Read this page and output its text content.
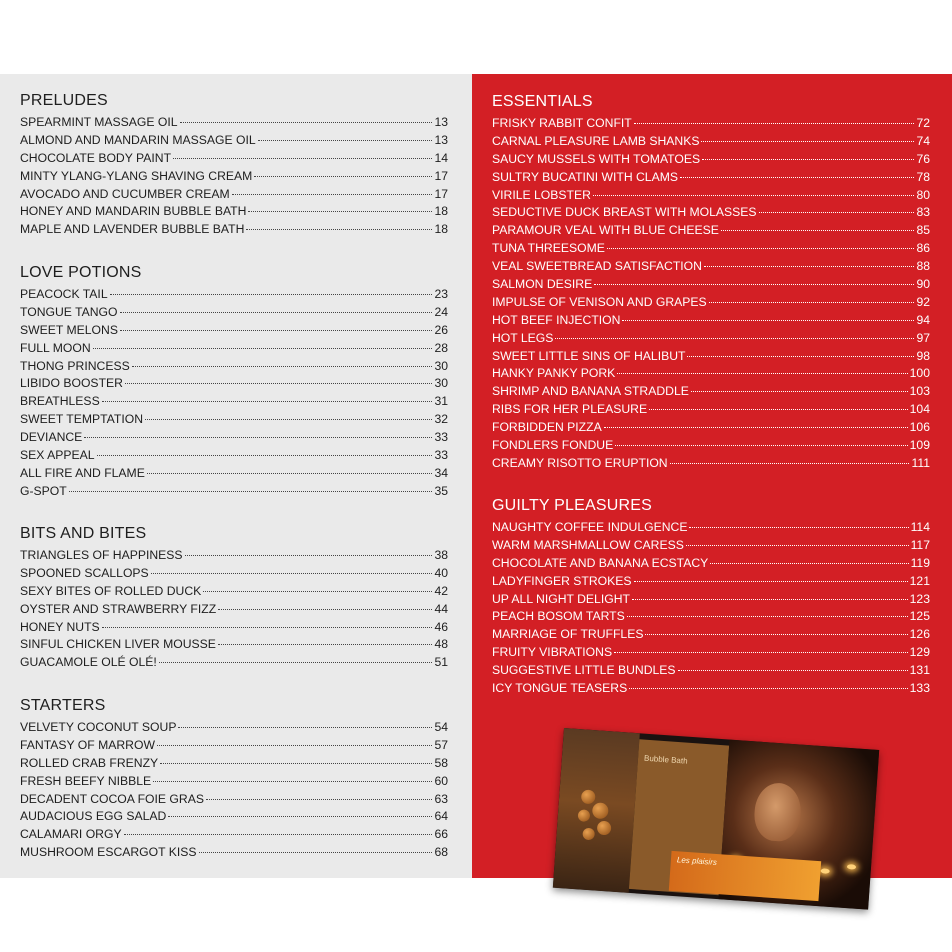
PRELUDES
SPEARMINT MASSAGE OIL	13
ALMOND AND MANDARIN MASSAGE OIL	13
CHOCOLATE BODY PAINT	14
MINTY YLANG-YLANG SHAVING CREAM	17
AVOCADO AND CUCUMBER CREAM	17
HONEY AND MANDARIN BUBBLE BATH	18
MAPLE AND LAVENDER BUBBLE BATH	18
LOVE POTIONS
PEACOCK TAIL	23
TONGUE TANGO	24
SWEET MELONS	26
FULL MOON	28
THONG PRINCESS	30
LIBIDO BOOSTER	30
BREATHLESS	31
SWEET TEMPTATION	32
DEVIANCE	33
SEX APPEAL	33
ALL FIRE AND FLAME	34
G-SPOT	35
BITS AND BITES
TRIANGLES OF HAPPINESS	38
SPOONED SCALLOPS	40
SEXY BITES OF ROLLED DUCK	42
OYSTER AND STRAWBERRY FIZZ	44
HONEY NUTS	46
SINFUL CHICKEN LIVER MOUSSE	48
GUACAMOLE OLÉ OLÉ!	51
STARTERS
VELVETY COCONUT SOUP	54
FANTASY OF MARROW	57
ROLLED CRAB FRENZY	58
FRESH BEEFY NIBBLE	60
DECADENT COCOA FOIE GRAS	63
AUDACIOUS EGG SALAD	64
CALAMARI ORGY	66
MUSHROOM ESCARGOT KISS	68
ESSENTIALS
FRISKY RABBIT CONFIT	72
CARNAL PLEASURE LAMB SHANKS	74
SAUCY MUSSELS WITH TOMATOES	76
SULTRY BUCATINI WITH CLAMS	78
VIRILE LOBSTER	80
SEDUCTIVE DUCK BREAST WITH MOLASSES	83
PARAMOUR VEAL WITH BLUE CHEESE	85
TUNA THREESOME	86
VEAL SWEETBREAD SATISFACTION	88
SALMON DESIRE	90
IMPULSE OF VENISON AND GRAPES	92
HOT BEEF INJECTION	94
HOT LEGS	97
SWEET LITTLE SINS OF HALIBUT	98
HANKY PANKY PORK	100
SHRIMP AND BANANA STRADDLE	103
RIBS FOR HER PLEASURE	104
FORBIDDEN PIZZA	106
FONDLERS FONDUE	109
CREAMY RISOTTO ERUPTION	111
GUILTY PLEASURES
NAUGHTY COFFEE INDULGENCE	114
WARM MARSHMALLOW CARESS	117
CHOCOLATE AND BANANA ECSTACY	119
LADYFINGER STROKES	121
UP ALL NIGHT DELIGHT	123
PEACH BOSOM TARTS	125
MARRIAGE OF TRUFFLES	126
FRUITY VIBRATIONS	129
SUGGESTIVE LITTLE BUNDLES	131
ICY TONGUE TEASERS	133
Bubble Bath
Les plaisirs
